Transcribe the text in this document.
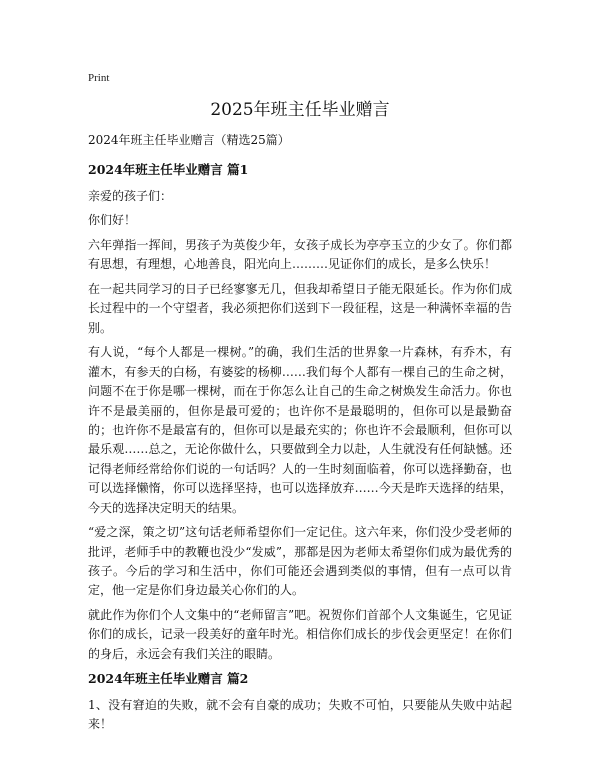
Print
2025年班主任毕业赠言

2024年班主任毕业赠言（精选25篇）

2024年班主任毕业赠言 篇1

亲爱的孩子们：

你们好！

六年弹指一挥间，男孩子为英俊少年，女孩子成长为亭亭玉立的少女了。你们都有思想，有理想，心地善良，阳光向上………见证你们的成长，是多么快乐！

在一起共同学习的日子已经寥寥无几，但我却希望日子能无限延长。作为你们成长过程中的一个守望者，我必须把你们送到下一段征程，这是一种满怀幸福的告别。

有人说，“每个人都是一棵树。”的确，我们生活的世界象一片森林，有乔木，有灌木，有参天的白杨，有婆娑的杨柳……我们每个人都有一棵自己的生命之树，问题不在于你是哪一棵树，而在于你怎么让自己的生命之树焕发生命活力。你也许不是最美丽的，但你是最可爱的；也许你不是最聪明的，但你可以是最勤奋的；也许你不是最富有的，但你可以是最充实的；你也许不会最顺利，但你可以最乐观……总之，无论你做什么，只要做到全力以赴，人生就没有任何缺憾。还记得老师经常给你们说的一句话吗？人的一生时刻面临着，你可以选择勤奋，也可以选择懒惰，你可以选择坚持，也可以选择放弃……今天是昨天选择的结果，今天的选择决定明天的结果。

“爱之深，策之切”这句话老师希望你们一定记住。这六年来，你们没少受老师的批评，老师手中的教鞭也没少“发威”，那都是因为老师太希望你们成为最优秀的孩子。今后的学习和生活中，你们可能还会遇到类似的事情，但有一点可以肯定，他一定是你们身边最关心你们的人。

就此作为你们个人文集中的“老师留言”吧。祝贺你们首部个人文集诞生，它见证你们的成长，记录一段美好的童年时光。相信你们成长的步伐会更坚定！在你们的身后，永远会有我们关注的眼睛。

2024年班主任毕业赠言 篇2

1、没有窘迫的失败，就不会有自豪的成功；失败不可怕，只要能从失败中站起来！
